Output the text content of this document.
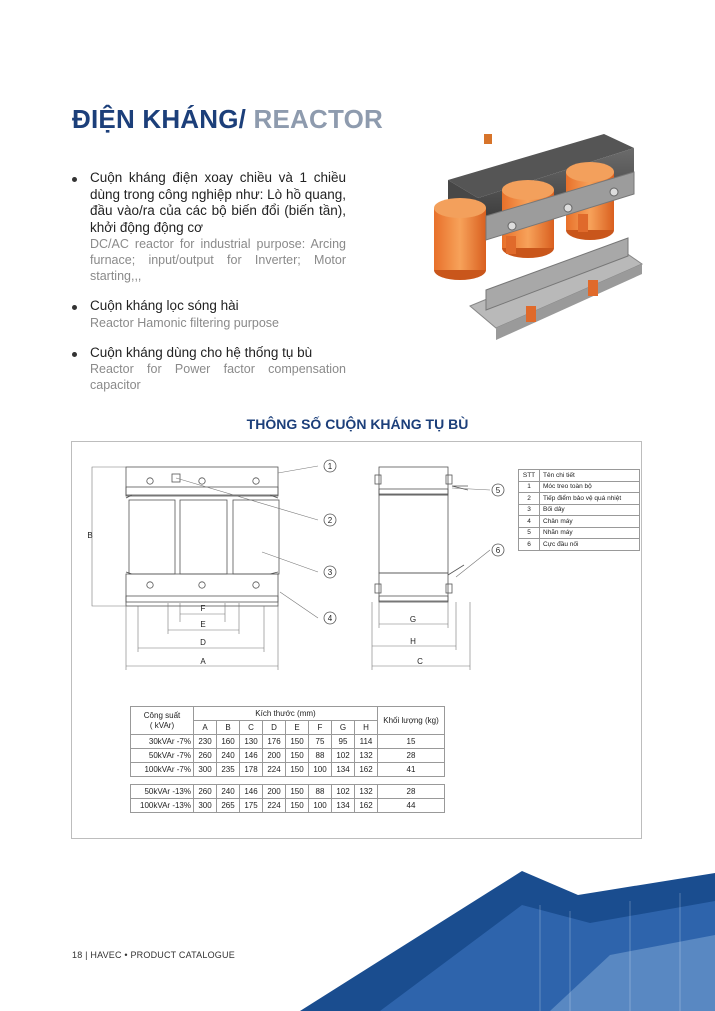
ĐIỆN KHÁNG/ REACTOR
Cuộn kháng điện xoay chiều và 1 chiều dùng trong công nghiệp như: Lò hồ quang, đầu vào/ra của các bộ biến đổi (biến tần), khởi động động cơ
DC/AC reactor for industrial purpose: Arcing furnace; input/output for Inverter; Motor starting,,,
Cuộn kháng lọc sóng hài
Reactor Hamonic filtering purpose
Cuộn kháng dùng cho hệ thống tụ bù
Reactor for Power factor compensation capacitor
THÔNG SỐ CUỘN KHÁNG TỤ BÙ
1
2
3
4
5
6
B
F
E
D
A
G
H
C
STT	Tên chi tiết
1	Móc treo toàn bộ
2	Tiếp điểm bảo vệ quá nhiệt
3	Bối dây
4	Chân máy
5	Nhãn máy
6	Cực đầu nối
Công suất
( kVAr)	Kích thước (mm)								Khối lượng (kg)
	A	B	C	D	E	F	G	H	
30kVAr -7%	230	160	130	176	150	75	95	114	15
50kVAr -7%	260	240	146	200	150	88	102	132	28
100kVAr -7%	300	235	178	224	150	100	134	162	41

50kVAr -13%	260	240	146	200	150	88	102	132	28
100kVAr -13%	300	265	175	224	150	100	134	162	44
18 | HAVEC • PRODUCT CATALOGUE
